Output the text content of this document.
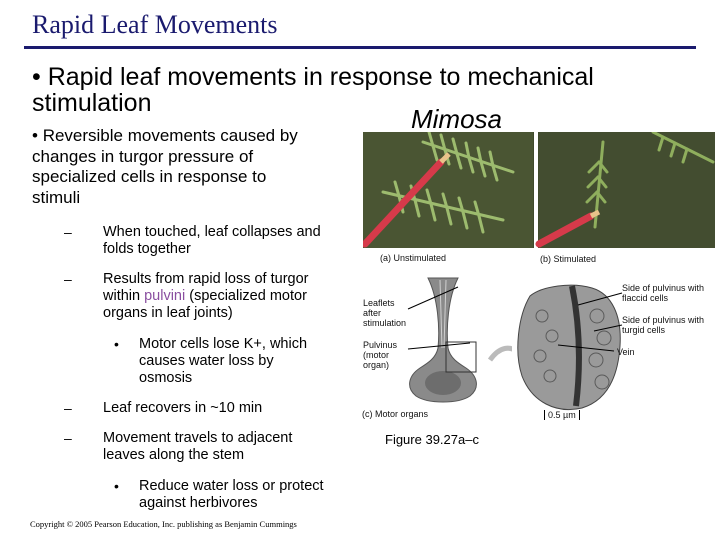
Rapid Leaf Movements
• Rapid leaf movements in response to mechanical
stimulation
• Reversible movements caused by
changes in turgor pressure of
specialized cells in response to
stimuli
– When touched, leaf collapses and
folds together
– Results from rapid loss of turgor
within pulvini (specialized motor
organs in leaf joints)
• Motor cells lose K+, which
causes water loss by
osmosis
– Leaf recovers in ~10 min
– Movement travels to adjacent
leaves along the stem
• Reduce water loss or protect
against herbivores
Mimosa
(a) Unstimulated	(b) Stimulated
Leaflets
after
stimulation
Pulvinus
(motor
organ)
Side of pulvinus with
flaccid cells
Side of pulvinus with
turgid cells
Vein
(c) Motor organs	0.5 µm
Figure 39.27a–c
Copyright © 2005 Pearson Education, Inc. publishing as Benjamin Cummings
